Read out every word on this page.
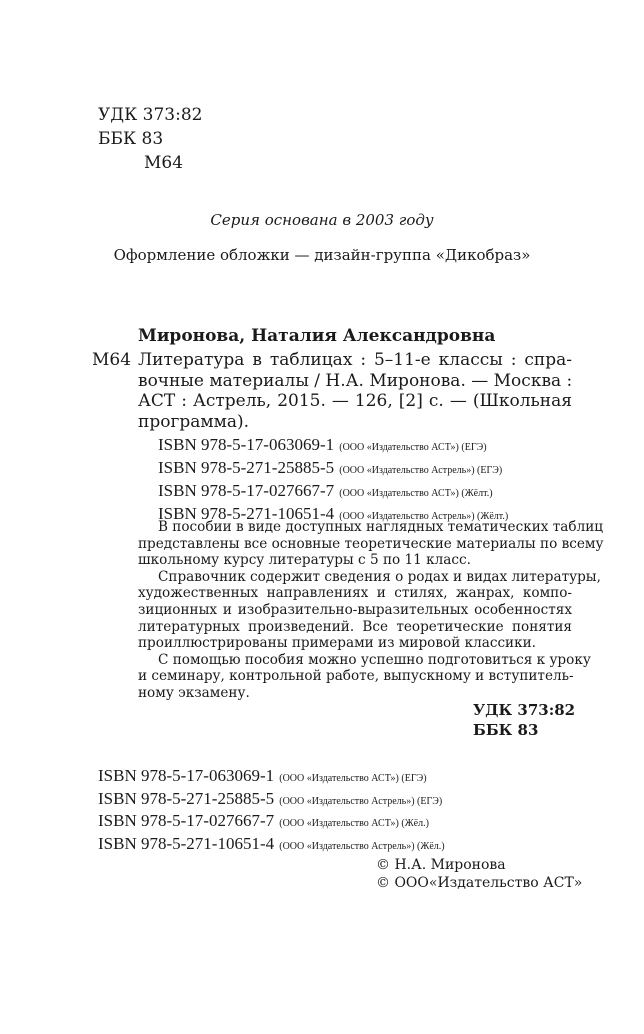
УДК 373:82
ББК 83
М64
Серия основана в 2003 году
Оформление обложки — дизайн-группа «Дикобраз»
Миронова, Наталия Александровна
М64 Литература в таблицах : 5–11-е классы : спра-
вочные материалы / Н.А. Миронова. — Москва :
АСТ : Астрель, 2015. — 126, [2] с. — (Школьная
программа).
ISBN 978-5-17-063069-1 (ООО «Издательство АСТ») (ЕГЭ)
ISBN 978-5-271-25885-5 (ООО «Издательство Астрель») (ЕГЭ)
ISBN 978-5-17-027667-7 (ООО «Издательство АСТ») (Жёлт.)
ISBN 978-5-271-10651-4 (ООО «Издательство Астрель») (Жёлт.)
В пособии в виде доступных наглядных тематических таблиц
представлены все основные теоретические материалы по всему
школьному курсу литературы с 5 по 11 класс.
Справочник содержит сведения о родах и видах литературы,
художественных направлениях и стилях, жанрах, компо-
зиционных и изобразительно-выразительных особенностях
литературных произведений. Все теоретические понятия
проиллюстрированы примерами из мировой классики.
С помощью пособия можно успешно подготовиться к уроку
и семинару, контрольной работе, выпускному и вступитель-
ному экзамену.
УДК 373:82
ББК 83
ISBN 978-5-17-063069-1 (ООО «Издательство АСТ») (ЕГЭ)
ISBN 978-5-271-25885-5 (ООО «Издательство Астрель») (ЕГЭ)
ISBN 978-5-17-027667-7 (ООО «Издательство АСТ») (Жёл.)
ISBN 978-5-271-10651-4 (ООО «Издательство Астрель») (Жёл.)
© Н.А. Миронова
© ООО«Издательство АСТ»
